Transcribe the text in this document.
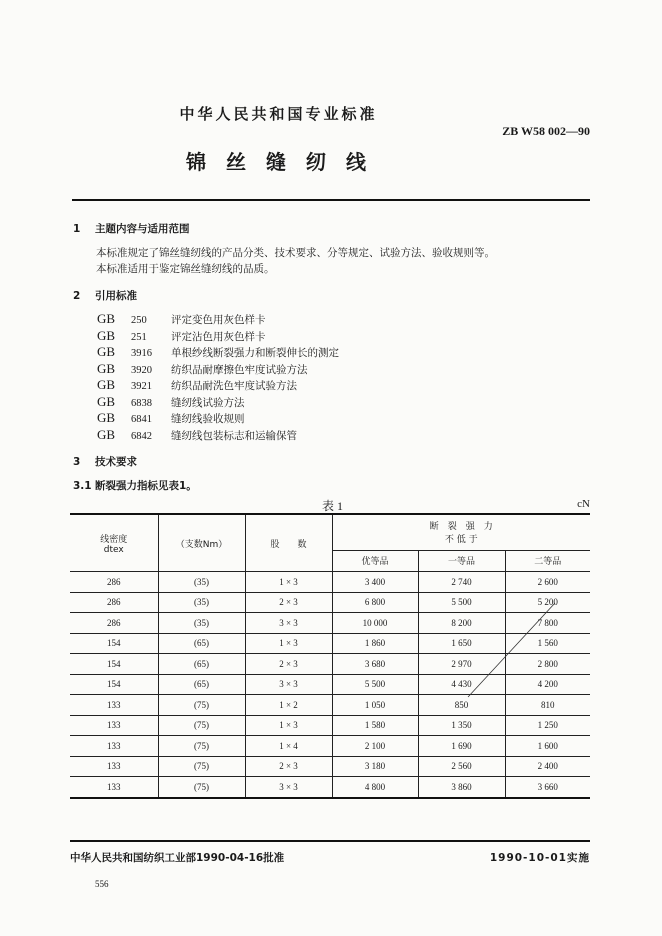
中华人民共和国专业标准
ZB W58 002—90
锦丝缝纫线
1 主题内容与适用范围
本标准规定了锦丝缝纫线的产品分类、技术要求、分等规定、试验方法、验收规则等。
本标准适用于鉴定锦丝缝纫线的品质。
2 引用标准
GB 250 评定变色用灰色样卡
GB 251 评定沾色用灰色样卡
GB 3916 单根纱线断裂强力和断裂伸长的测定
GB 3920 纺织品耐摩擦色牢度试验方法
GB 3921 纺织品耐洗色牢度试验方法
GB 6838 缝纫线试验方法
GB 6841 缝纫线验收规则
GB 6842 缝纫线包装标志和运输保管
3 技术要求
3.1 断裂强力指标见表1。
表 1	cN
线密度
dtex	（支数Nm）	股　　数	断　裂　强　力
不 低 于		
			优等品	一等品	二等品
286	(35)	1 × 3	3 400	2 740	2 600
286	(35)	2 × 3	6 800	5 500	5 200
286	(35)	3 × 3	10 000	8 200	7 800
154	(65)	1 × 3	1 860	1 650	1 560
154	(65)	2 × 3	3 680	2 970	2 800
154	(65)	3 × 3	5 500	4 430	4 200
133	(75)	1 × 2	1 050	850	810
133	(75)	1 × 3	1 580	1 350	1 250
133	(75)	1 × 4	2 100	1 690	1 600
133	(75)	2 × 3	3 180	2 560	2 400
133	(75)	3 × 3	4 800	3 860	3 660
中华人民共和国纺织工业部1990-04-16批准	1990-10-01实施
556
